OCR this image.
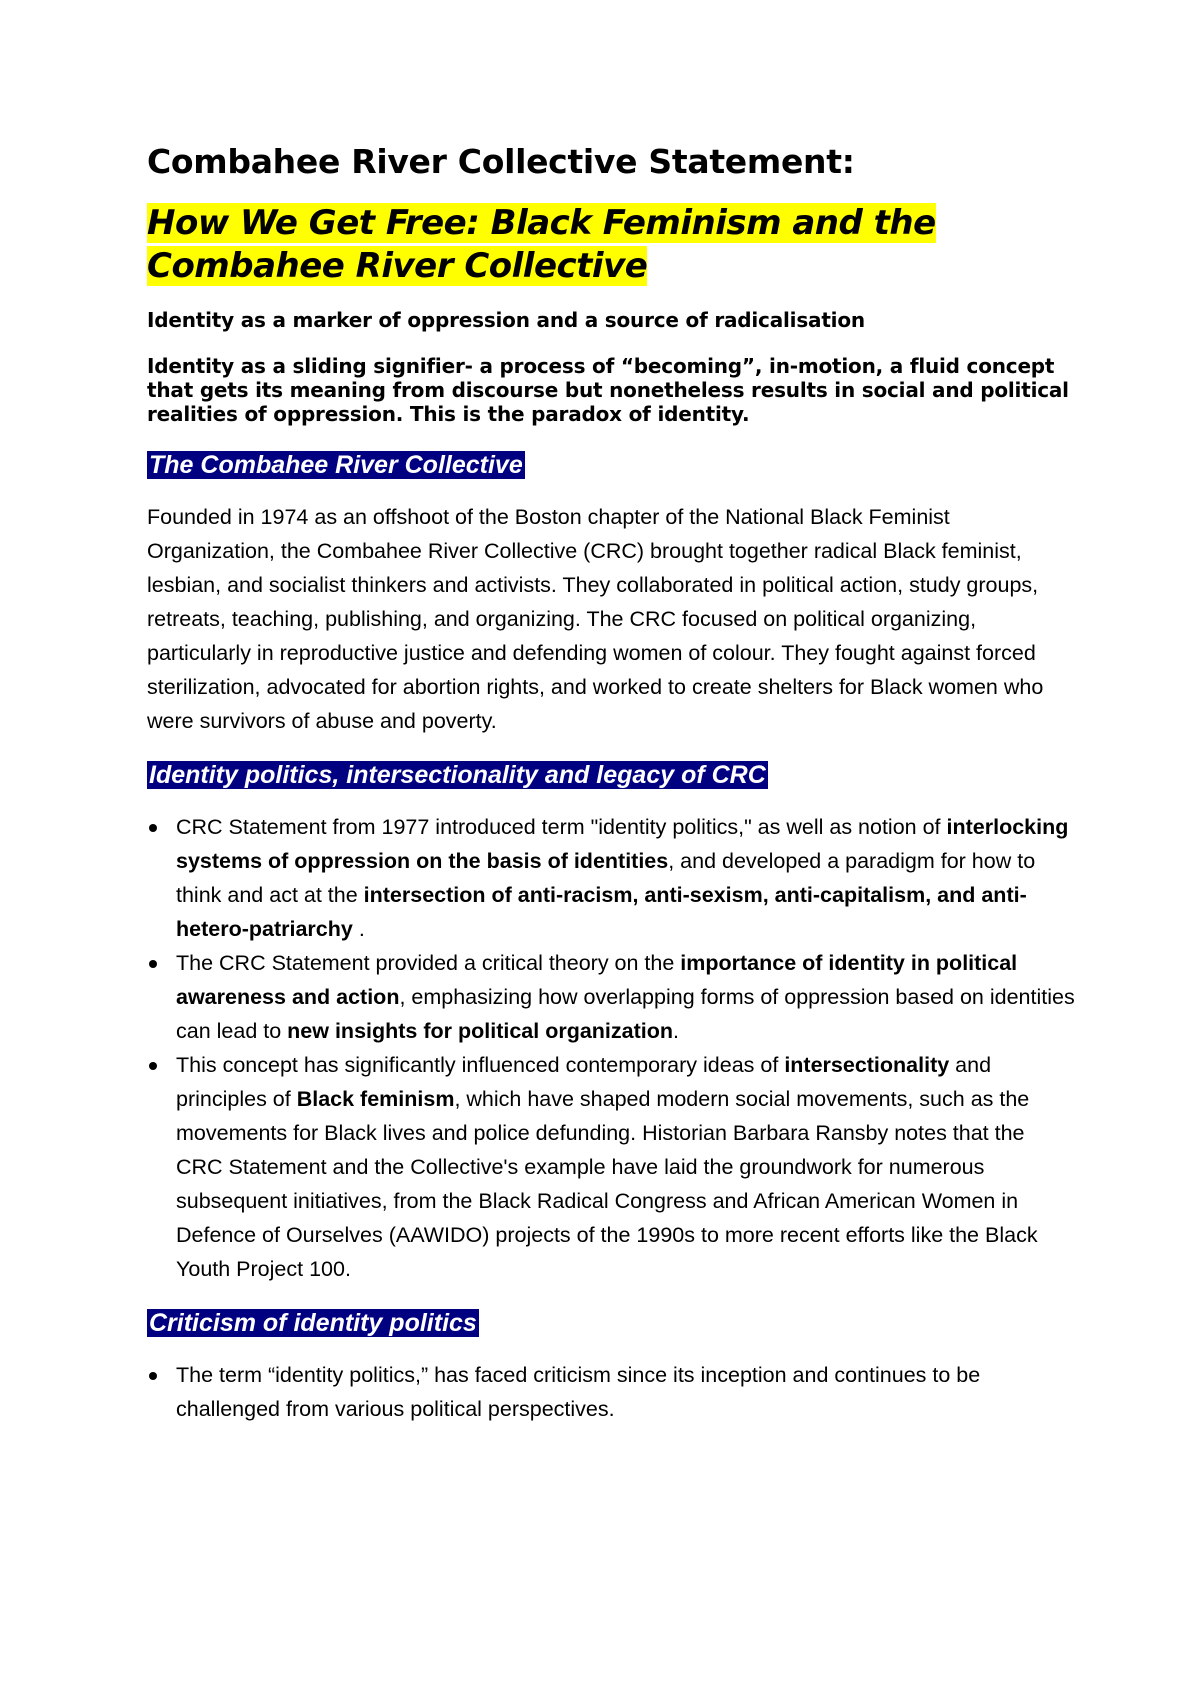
Combahee River Collective Statement:
How We Get Free: Black Feminism and the Combahee River Collective

Identity as a marker of oppression and a source of radicalisation

Identity as a sliding signifier- a process of “becoming”, in-motion, a fluid concept that gets its meaning from discourse but nonetheless results in social and political realities of oppression. This is the paradox of identity.

The Combahee River Collective

Founded in 1974 as an offshoot of the Boston chapter of the National Black Feminist Organization, the Combahee River Collective (CRC) brought together radical Black feminist, lesbian, and socialist thinkers and activists. They collaborated in political action, study groups, retreats, teaching, publishing, and organizing. The CRC focused on political organizing, particularly in reproductive justice and defending women of colour. They fought against forced sterilization, advocated for abortion rights, and worked to create shelters for Black women who were survivors of abuse and poverty.

Identity politics, intersectionality and legacy of CRC
CRC Statement from 1977 introduced term "identity politics," as well as notion of interlocking systems of oppression on the basis of identities, and developed a paradigm for how to think and act at the intersection of anti-racism, anti-sexism, anti-capitalism, and anti-hetero-patriarchy .
The CRC Statement provided a critical theory on the importance of identity in political awareness and action, emphasizing how overlapping forms of oppression based on identities can lead to new insights for political organization.
This concept has significantly influenced contemporary ideas of intersectionality and principles of Black feminism, which have shaped modern social movements, such as the movements for Black lives and police defunding. Historian Barbara Ransby notes that the CRC Statement and the Collective's example have laid the groundwork for numerous subsequent initiatives, from the Black Radical Congress and African American Women in Defence of Ourselves (AAWIDO) projects of the 1990s to more recent efforts like the Black Youth Project 100.
Criticism of identity politics
The term “identity politics,” has faced criticism since its inception and continues to be challenged from various political perspectives.
